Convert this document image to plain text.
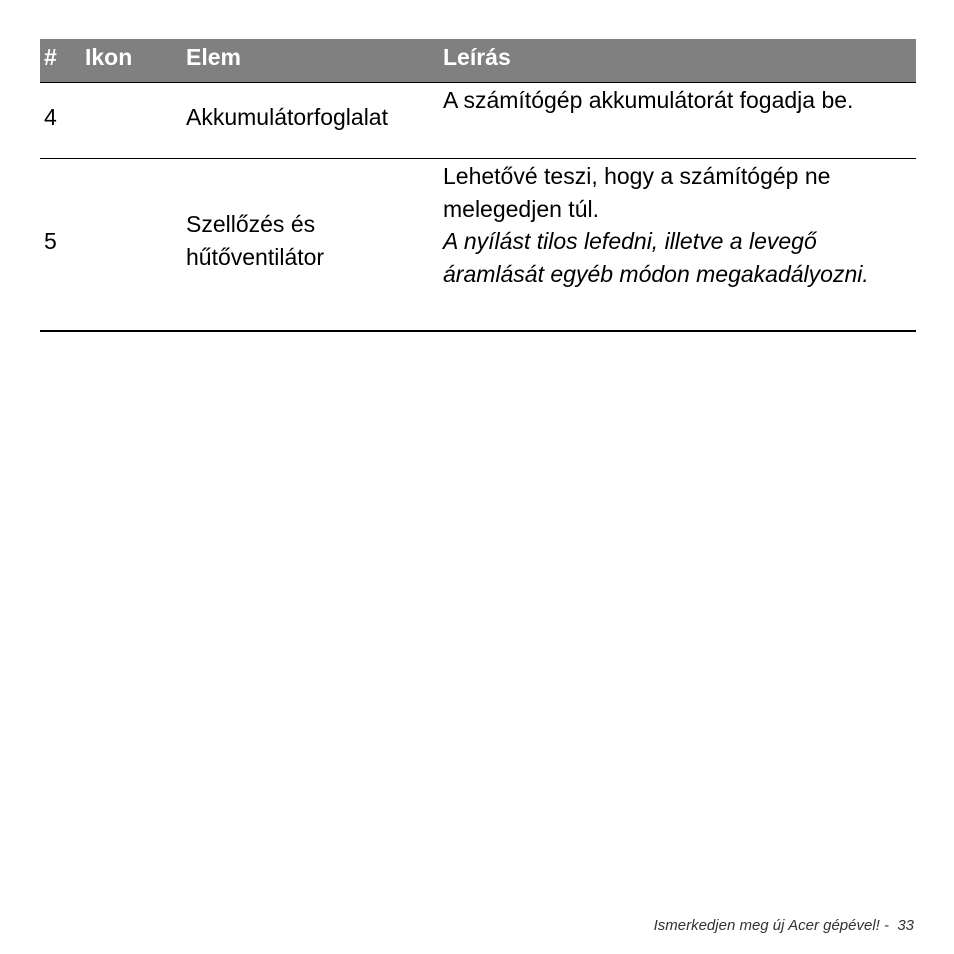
# Ikon Elem	Leírás
4	Akkumulátorfoglalat
A számítógép akkumulátorát fogadja be.
5
Szellőzés és
hűtőventilátor
Lehetővé teszi, hogy a számítógép ne melegedjen túl.
A nyílást tilos lefedni, illetve a levegő áramlását egyéb módon megakadályozni.
Ismerkedjen meg új Acer gépével! -  33
